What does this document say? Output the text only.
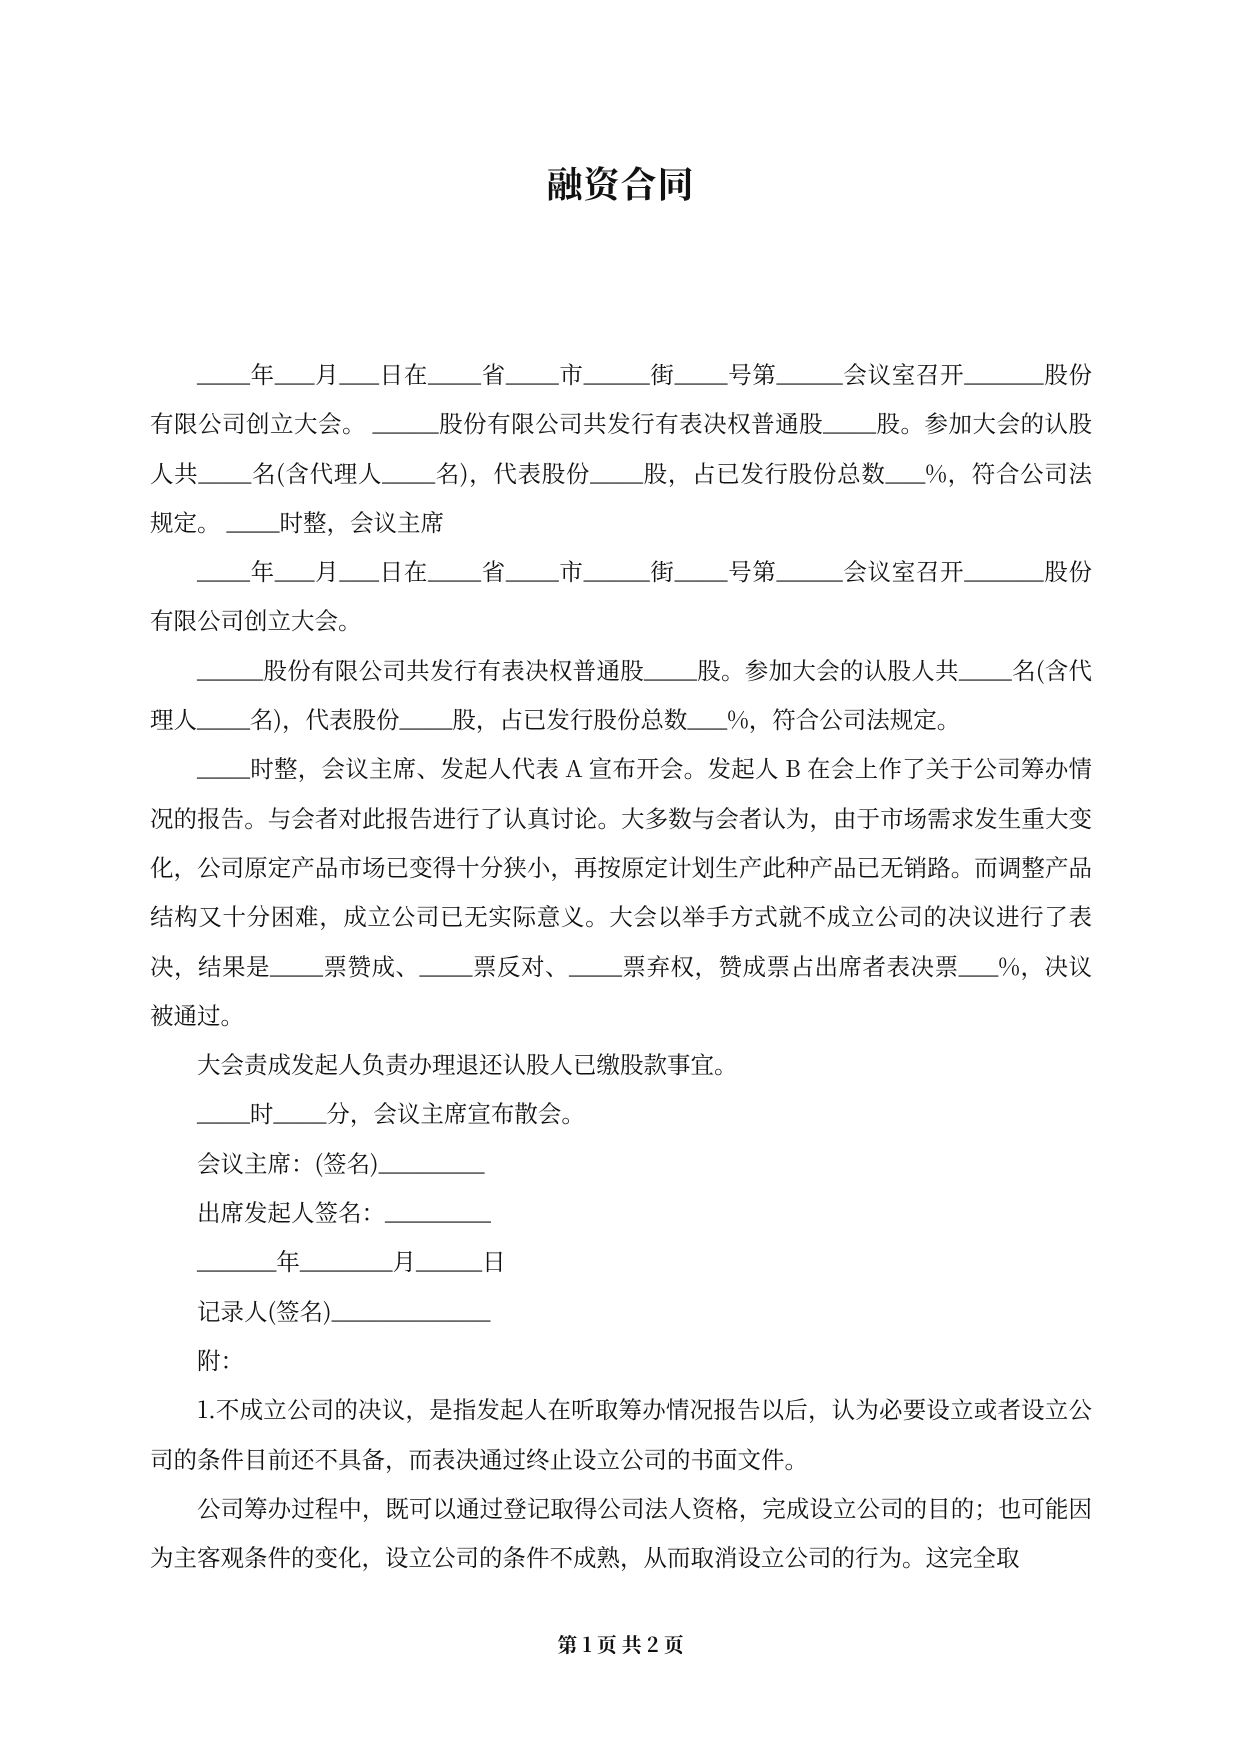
融资合同

____年___月___日在____省____市_____街____号第_____会议室召开______股份有限公司创立大会。 _____股份有限公司共发行有表决权普通股____股。参加大会的认股人共____名(含代理人____名)，代表股份____股，占已发行股份总数___%，符合公司法规定。 ____时整，会议主席

____年___月___日在____省____市_____街____号第_____会议室召开______股份有限公司创立大会。

_____股份有限公司共发行有表决权普通股____股。参加大会的认股人共____名(含代理人____名)，代表股份____股，占已发行股份总数___%，符合公司法规定。

____时整，会议主席、发起人代表 A 宣布开会。发起人 B 在会上作了关于公司筹办情况的报告。与会者对此报告进行了认真讨论。大多数与会者认为，由于市场需求发生重大变化，公司原定产品市场已变得十分狭小，再按原定计划生产此种产品已无销路。而调整产品结构又十分困难，成立公司已无实际意义。大会以举手方式就不成立公司的决议进行了表决，结果是____票赞成、____票反对、____票弃权，赞成票占出席者表决票___%，决议被通过。

大会责成发起人负责办理退还认股人已缴股款事宜。

____时____分，会议主席宣布散会。

会议主席：(签名)________

出席发起人签名：________

______年_______月_____日

记录人(签名)____________

附：

1.不成立公司的决议，是指发起人在听取筹办情况报告以后，认为必要设立或者设立公司的条件目前还不具备，而表决通过终止设立公司的书面文件。

公司筹办过程中，既可以通过登记取得公司法人资格，完成设立公司的目的；也可能因为主客观条件的变化，设立公司的条件不成熟，从而取消设立公司的行为。这完全取

第 1 页 共 2 页
